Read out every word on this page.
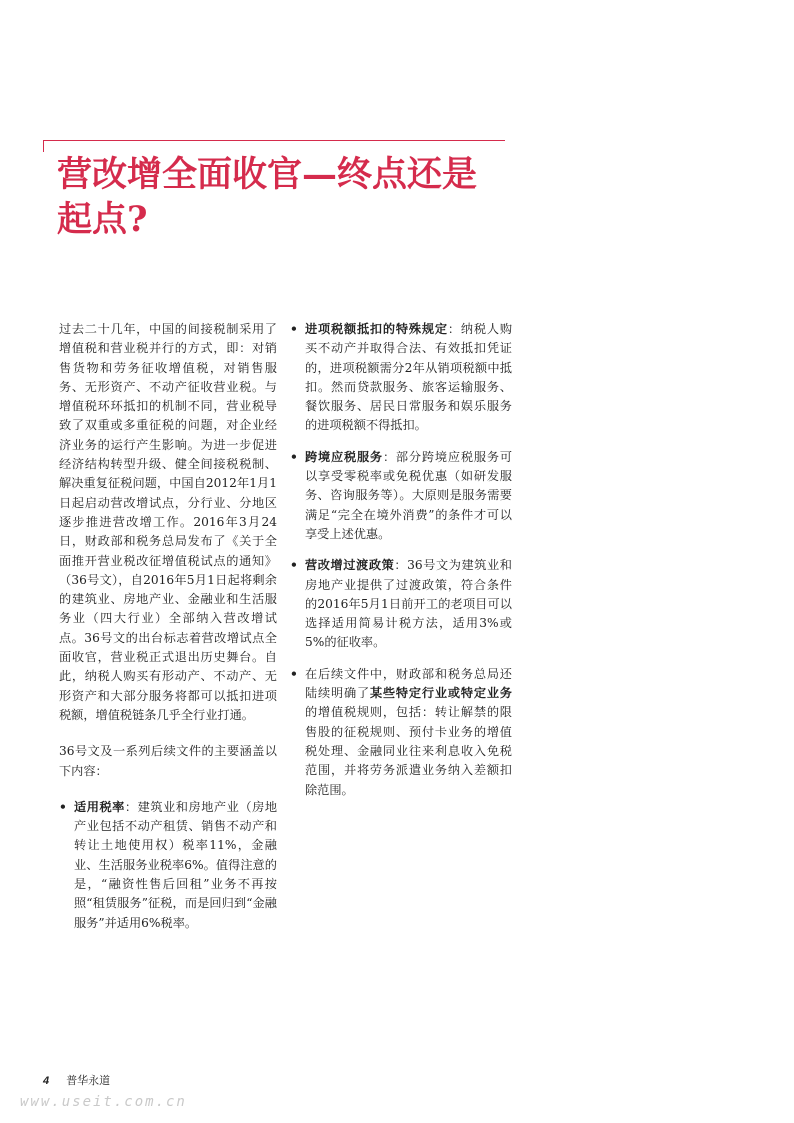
营改增全面收官—终点还是起点?

过去二十几年，中国的间接税制采用了增值税和营业税并行的方式，即：对销售货物和劳务征收增值税，对销售服务、无形资产、不动产征收营业税。与增值税环环抵扣的机制不同，营业税导致了双重或多重征税的问题，对企业经济业务的运行产生影响。为进一步促进经济结构转型升级、健全间接税税制、解决重复征税问题，中国自2012年1月1日起启动营改增试点，分行业、分地区逐步推进营改增工作。2016年3月24日，财政部和税务总局发布了《关于全面推开营业税改征增值税试点的通知》（36号文），自2016年5月1日起将剩余的建筑业、房地产业、金融业和生活服务业（四大行业）全部纳入营改增试点。36号文的出台标志着营改增试点全面收官，营业税正式退出历史舞台。自此，纳税人购买有形动产、不动产、无形资产和大部分服务将都可以抵扣进项税额，增值税链条几乎全行业打通。

36号文及一系列后续文件的主要涵盖以下内容：

• 适用税率：建筑业和房地产业（房地产业包括不动产租赁、销售不动产和转让土地使用权）税率11%，金融业、生活服务业税率6%。值得注意的是，“融资性售后回租”业务不再按照“租赁服务”征税，而是回归到“金融服务”并适用6%税率。
• 进项税额抵扣的特殊规定：纳税人购买不动产并取得合法、有效抵扣凭证的，进项税额需分2年从销项税额中抵扣。然而贷款服务、旅客运输服务、餐饮服务、居民日常服务和娱乐服务的进项税额不得抵扣。
• 跨境应税服务：部分跨境应税服务可以享受零税率或免税优惠（如研发服务、咨询服务等）。大原则是服务需要满足“完全在境外消费”的条件才可以享受上述优惠。
• 营改增过渡政策：36号文为建筑业和房地产业提供了过渡政策，符合条件的2016年5月1日前开工的老项目可以选择适用简易计税方法，适用3%或5%的征收率。
• 在后续文件中，财政部和税务总局还陆续明确了某些特定行业或特定业务的增值税规则，包括：转让解禁的限售股的征税规则、预付卡业务的增值税处理、金融同业往来利息收入免税范围，并将劳务派遣业务纳入差额扣除范围。
4 普华永道
www.useit.com.cn
